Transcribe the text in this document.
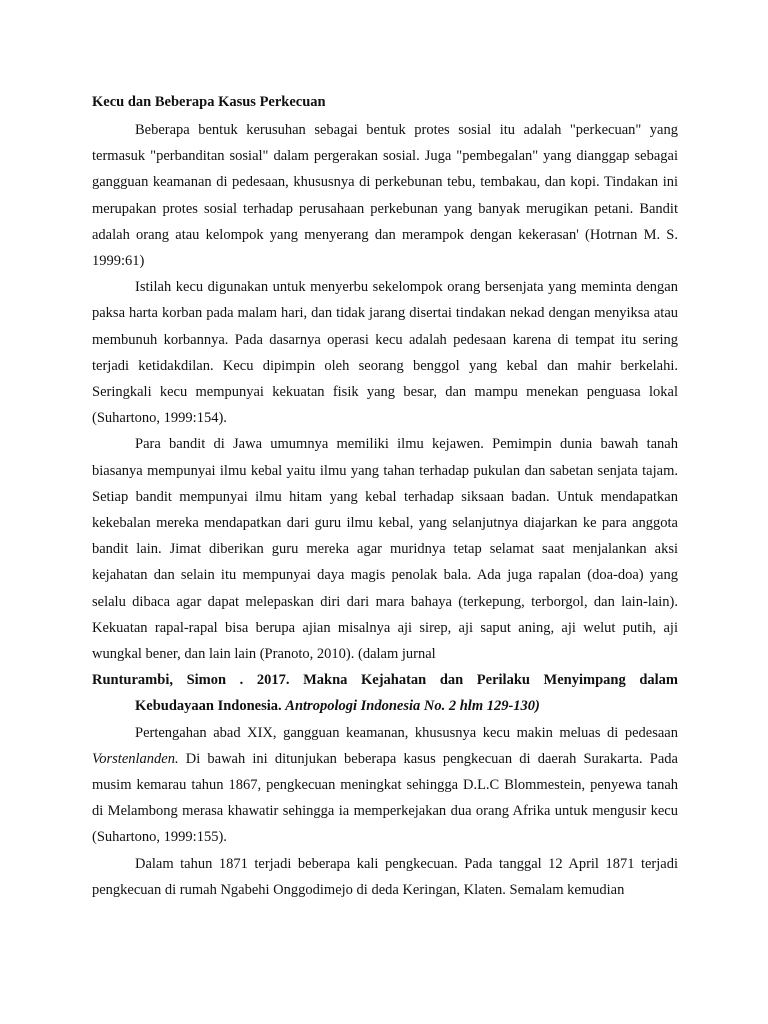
Kecu dan Beberapa Kasus Perkecuan

Beberapa bentuk kerusuhan sebagai bentuk protes sosial itu adalah "perkecuan" yang termasuk "perbanditan sosial" dalam pergerakan sosial. Juga "pembegalan" yang dianggap sebagai gangguan keamanan di pedesaan, khususnya di perkebunan tebu, tembakau, dan kopi. Tindakan ini merupakan protes sosial terhadap perusahaan perkebunan yang banyak merugikan petani. Bandit adalah orang atau kelompok yang menyerang dan merampok dengan kekerasan' (Hotrnan M. S. 1999:61)

Istilah kecu digunakan untuk menyerbu sekelompok orang bersenjata yang meminta dengan paksa harta korban pada malam hari, dan tidak jarang disertai tindakan nekad dengan menyiksa atau membunuh korbannya. Pada dasarnya operasi kecu adalah pedesaan karena di tempat itu sering terjadi ketidakdilan. Kecu dipimpin oleh seorang benggol yang kebal dan mahir berkelahi. Seringkali kecu mempunyai kekuatan fisik yang besar, dan mampu menekan penguasa lokal (Suhartono, 1999:154).

Para bandit di Jawa umumnya memiliki ilmu kejawen. Pemimpin dunia bawah tanah biasanya mempunyai ilmu kebal yaitu ilmu yang tahan terhadap pukulan dan sabetan senjata tajam. Setiap bandit mempunyai ilmu hitam yang kebal terhadap siksaan badan. Untuk mendapatkan kekebalan mereka mendapatkan dari guru ilmu kebal, yang selanjutnya diajarkan ke para anggota bandit lain. Jimat diberikan guru mereka agar muridnya tetap selamat saat menjalankan aksi kejahatan dan selain itu mempunyai daya magis penolak bala. Ada juga rapalan (doa-doa) yang selalu dibaca agar dapat melepaskan diri dari mara bahaya (terkepung, terborgol, dan lain-lain). Kekuatan rapal-rapal bisa berupa ajian misalnya aji sirep, aji saput aning, aji welut putih, aji wungkal bener, dan lain lain (Pranoto, 2010). (dalam jurnal

Runturambi, Simon . 2017. Makna Kejahatan dan Perilaku Menyimpang dalam
Kebudayaan Indonesia. Antropologi Indonesia No. 2 hlm 129-130)

Pertengahan abad XIX, gangguan keamanan, khususnya kecu makin meluas di pedesaan Vorstenlanden. Di bawah ini ditunjukan beberapa kasus pengkecuan di daerah Surakarta. Pada musim kemarau tahun 1867, pengkecuan meningkat sehingga D.L.C Blommestein, penyewa tanah di Melambong merasa khawatir sehingga ia memperkejakan dua orang Afrika untuk mengusir kecu (Suhartono, 1999:155).

Dalam tahun 1871 terjadi beberapa kali pengkecuan. Pada tanggal 12 April 1871 terjadi pengkecuan di rumah Ngabehi Onggodimejo di deda Keringan, Klaten. Semalam kemudian
